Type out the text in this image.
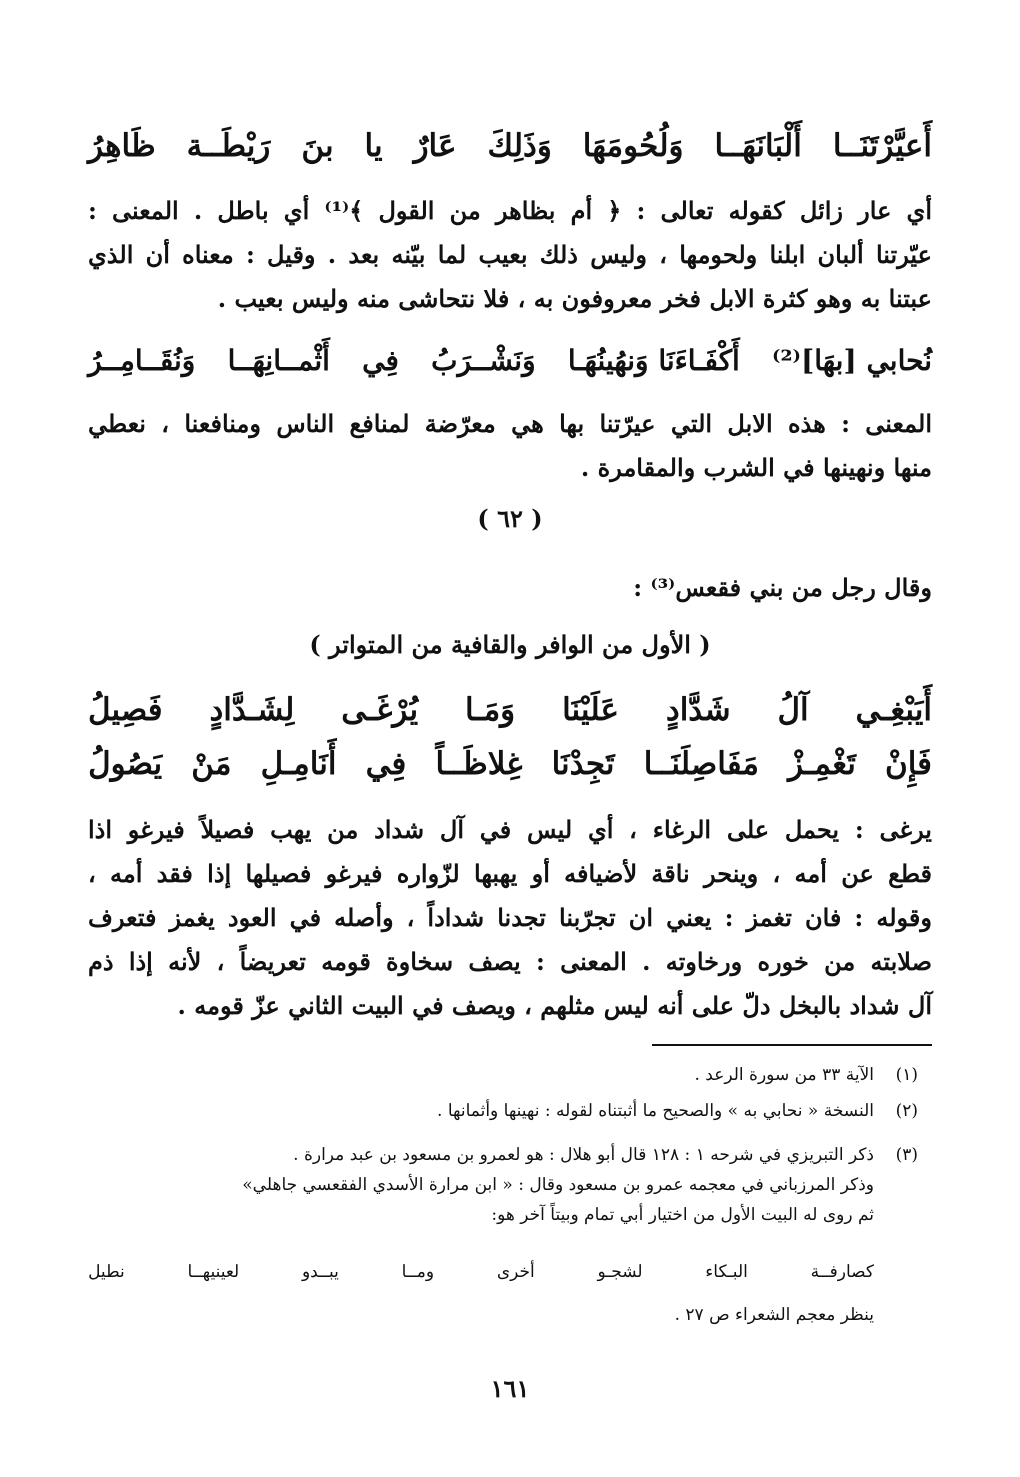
أَعيَّرْتَنَــا
أَلْبَانَهَــا
وَلُحُومَهَا
وَذَلِكَ
عَارٌ
يا
بنَ
رَيْطَــة
ظَاهِرُ
أي عار زائل كقوله تعالى : ﴿ أم بظاهر من القول ﴾⁽¹⁾ أي باطل . المعنى :
عيّرتنا ألبان ابلنا ولحومها ، وليس ذلك بعيب لما بيّنه بعد . وقيل : معناه أن الذي
عبتنا به وهو كثرة الابل فخر معروفون به ، فلا نتحاشى منه وليس بعيب .
نُحابي [بهَا]⁽²⁾
أَكْفَـاءَنَا وَنهُينُهَـا
وَنَشْــرَبُ
فِي
أَثْمــانِهَــا
وَنُقَــامِــرُ
المعنى : هذه الابل التي عيرّتنا بها هي معرّضة لمنافع الناس ومنافعنا ، نعطي
منها ونهينها في الشرب والمقامرة .
( ٦٢ )
وقال رجل من بني فقعس⁽³⁾ :
( الأول من الوافر والقافية من المتواتر )
أَيَبْغِـي
آلُ
شَدَّادٍ
عَلَيْنَا
وَمَـا
يُرْغَـى
لِشَـدَّادٍ
فَصِيلُ
فَإِنْ
تَغْمِـزْ
مَفَاصِلَنَــا
تَجِدْنَا
غِلاظَــاً
فِي
أَنَامِـلِ
مَنْ
يَصُولُ
يرغى : يحمل على الرغاء ، أي ليس في آل شداد من يهب فصيلاً فيرغو اذا
قطع عن أمه ، وينحر ناقة لأضيافه أو يهبها لزّواره فيرغو فصيلها إذا فقد أمه ،
وقوله : فان تغمز : يعني ان تجرّبنا تجدنا شداداً ، وأصله في العود يغمز فتعرف
صلابته من خوره ورخاوته . المعنى : يصف سخاوة قومه تعريضاً ، لأنه إذا ذم
آل شداد بالبخل دلّ على أنه ليس مثلهم ، ويصف في البيت الثاني عزّ قومه .
(١)الآية ٣٣ من سورة الرعد .
(٢)النسخة « نحابي به » والصحيح ما أثبتناه لقوله : نهينها وأثمانها .
(٣)ذكر التبريزي في شرحه ١ : ١٢٨ قال أبو هلال : هو لعمرو بن مسعود بن عبد مرارة .
وذكر المرزباني في معجمه عمرو بن مسعود وقال : « ابن مرارة الأسدي الفقعسي جاهلي»
ثم روى له البيت الأول من اختيار أبي تمام وبيتاً آخر هو:
كصارفــة
البـكاء
لشجـو
أخرى
ومــا
يبــدو
لعينيهــا
نطيل
ينظر معجم الشعراء ص ٢٧ .
١٦١
